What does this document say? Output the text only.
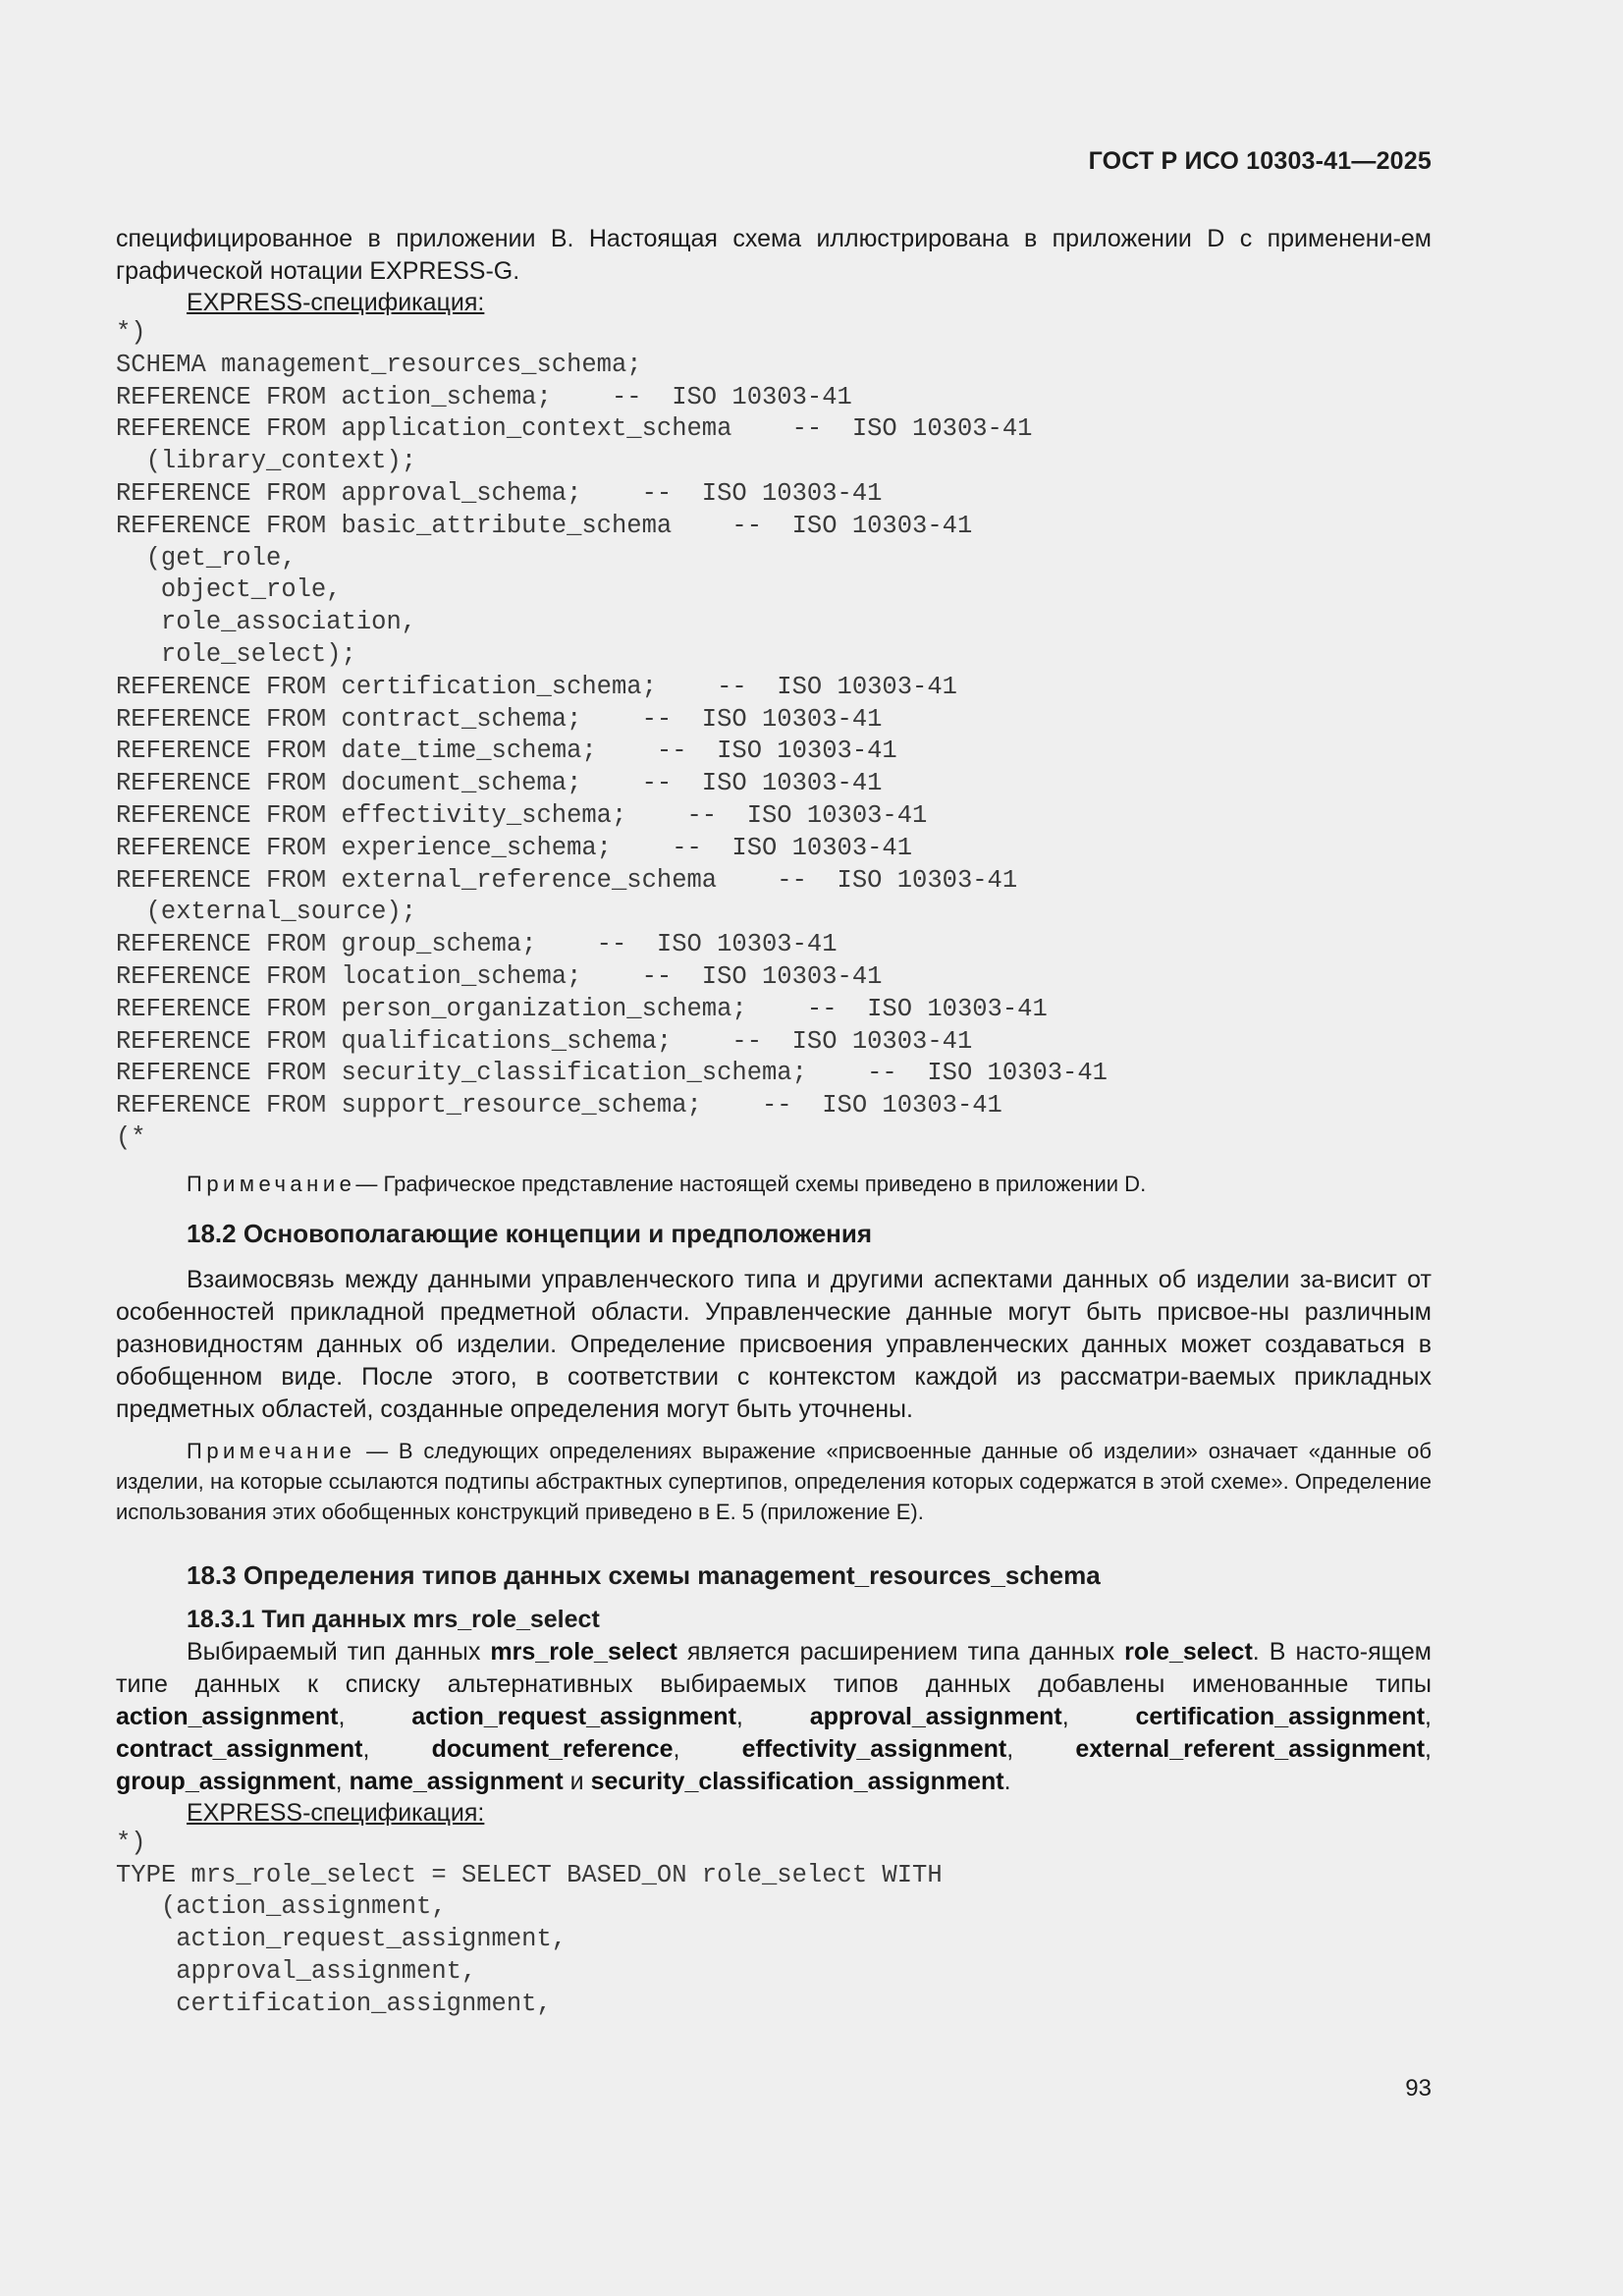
ГОСТ Р ИСО 10303-41—2025

специфицированное в приложении B. Настоящая схема иллюстрирована в приложении D с применени-ем графической нотации EXPRESS-G.

EXPRESS-спецификация:

*)
SCHEMA management_resources_schema;
REFERENCE FROM action_schema;    --  ISO 10303-41
REFERENCE FROM application_context_schema    --  ISO 10303-41
(library_context);
REFERENCE FROM approval_schema;    --  ISO 10303-41
REFERENCE FROM basic_attribute_schema    --  ISO 10303-41
(get_role,
object_role,
role_association,
role_select);
REFERENCE FROM certification_schema;    --  ISO 10303-41
REFERENCE FROM contract_schema;    --  ISO 10303-41
REFERENCE FROM date_time_schema;    --  ISO 10303-41
REFERENCE FROM document_schema;    --  ISO 10303-41
REFERENCE FROM effectivity_schema;    --  ISO 10303-41
REFERENCE FROM experience_schema;    --  ISO 10303-41
REFERENCE FROM external_reference_schema    --  ISO 10303-41
(external_source);
REFERENCE FROM group_schema;    --  ISO 10303-41
REFERENCE FROM location_schema;    --  ISO 10303-41
REFERENCE FROM person_organization_schema;    --  ISO 10303-41
REFERENCE FROM qualifications_schema;    --  ISO 10303-41
REFERENCE FROM security_classification_schema;    --  ISO 10303-41
REFERENCE FROM support_resource_schema;    --  ISO 10303-41
(*

Примечание— Графическое представление настоящей схемы приведено в приложении D.

18.2 Основополагающие концепции и предположения

Взаимосвязь между данными управленческого типа и другими аспектами данных об изделии за-висит от особенностей прикладной предметной области. Управленческие данные могут быть присвое-ны различным разновидностям данных об изделии. Определение присвоения управленческих данных может создаваться в обобщенном виде. После этого, в соответствии с контекстом каждой из рассматри-ваемых прикладных предметных областей, созданные определения могут быть уточнены.

Примечание — В следующих определениях выражение «присвоенные данные об изделии» означает «данные об изделии, на которые ссылаются подтипы абстрактных супертипов, определения которых содержатся в этой схеме». Определение использования этих обобщенных конструкций приведено в E. 5 (приложение E).

18.3 Определения типов данных схемы management_resources_schema

18.3.1 Тип данных mrs_role_select

Выбираемый тип данных mrs_role_select является расширением типа данных role_select. В насто-ящем типе данных к списку альтернативных выбираемых типов данных добавлены именованные типы action_assignment, action_request_assignment, approval_assignment, certification_assignment, contract_assignment, document_reference, effectivity_assignment, external_referent_assignment, group_assignment, name_assignment и security_classification_assignment.

EXPRESS-спецификация:

*)
TYPE mrs_role_select = SELECT BASED_ON role_select WITH
(action_assignment,
action_request_assignment,
approval_assignment,
certification_assignment,
93
